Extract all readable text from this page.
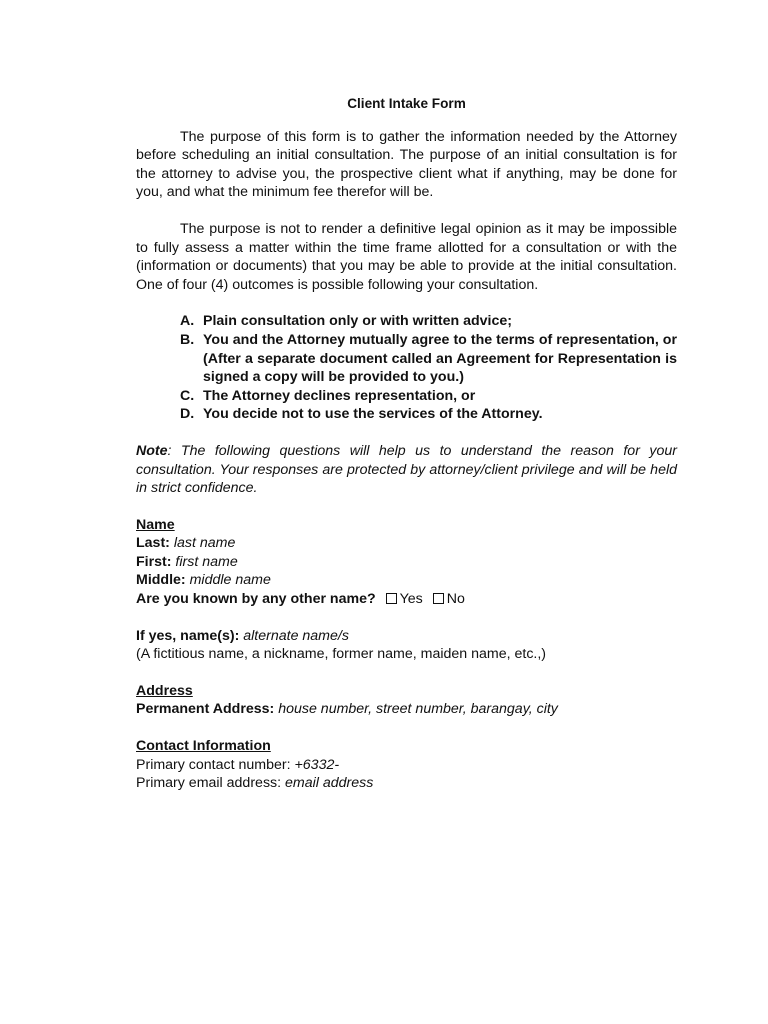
Client Intake Form

The purpose of this form is to gather the information needed by the Attorney before scheduling an initial consultation. The purpose of an initial consultation is for the attorney to advise you, the prospective client what if anything, may be done for you, and what the minimum fee therefor will be.

The purpose is not to render a definitive legal opinion as it may be impossible to fully assess a matter within the time frame allotted for a consultation or with the (information or documents) that you may be able to provide at the initial consultation. One of four (4) outcomes is possible following your consultation.

A. Plain consultation only or with written advice;
B. You and the Attorney mutually agree to the terms of representation, or (After a separate document called an Agreement for Representation is signed a copy will be provided to you.)
C. The Attorney declines representation, or
D. You decide not to use the services of the Attorney.

Note: The following questions will help us to understand the reason for your consultation. Your responses are protected by attorney/client privilege and will be held in strict confidence.

Name
Last: last name
First: first name
Middle: middle name
Are you known by any other name? Yes No
If yes, name(s): alternate name/s
(A fictitious name, a nickname, former name, maiden name, etc.,)
Address
Permanent Address: house number, street number, barangay, city
Contact Information
Primary contact number: +6332-
Primary email address: email address
